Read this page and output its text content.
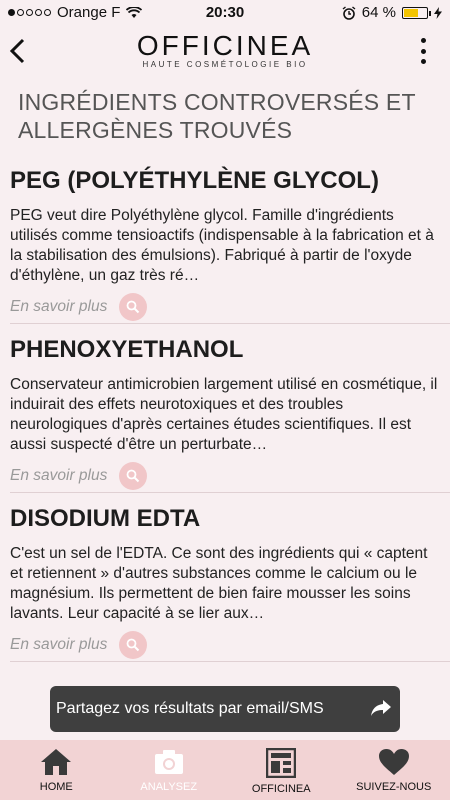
Orange F	20:30	64 %
OFFICINEA
HAUTE COSMÉTOLOGIE BIO
INGRÉDIENTS CONTROVERSÉS ET ALLERGÈNES TROUVÉS
PEG (POLYÉTHYLÈNE GLYCOL)
PEG veut dire Polyéthylène glycol. Famille d'ingrédients utilisés comme tensioactifs (indispensable à la fabrication et à la stabilisation des émulsions). Fabriqué à partir de l'oxyde d'éthylène, un gaz très ré…
En savoir plus
PHENOXYETHANOL
Conservateur antimicrobien largement utilisé en cosmétique, il induirait des effets neurotoxiques et des troubles neurologiques d'après certaines études scientifiques. Il est aussi suspecté d'être un perturbate…
En savoir plus
DISODIUM EDTA
C'est un sel de l'EDTA. Ce sont des ingrédients qui « captent et retiennent » d'autres substances comme le calcium ou le magnésium. Ils permettent de bien faire mousser les soins lavants. Leur capacité à se lier aux…
En savoir plus
Partagez vos résultats par email/SMS
HOME	ANALYSEZ	OFFICINEA	SUIVEZ-NOUS
